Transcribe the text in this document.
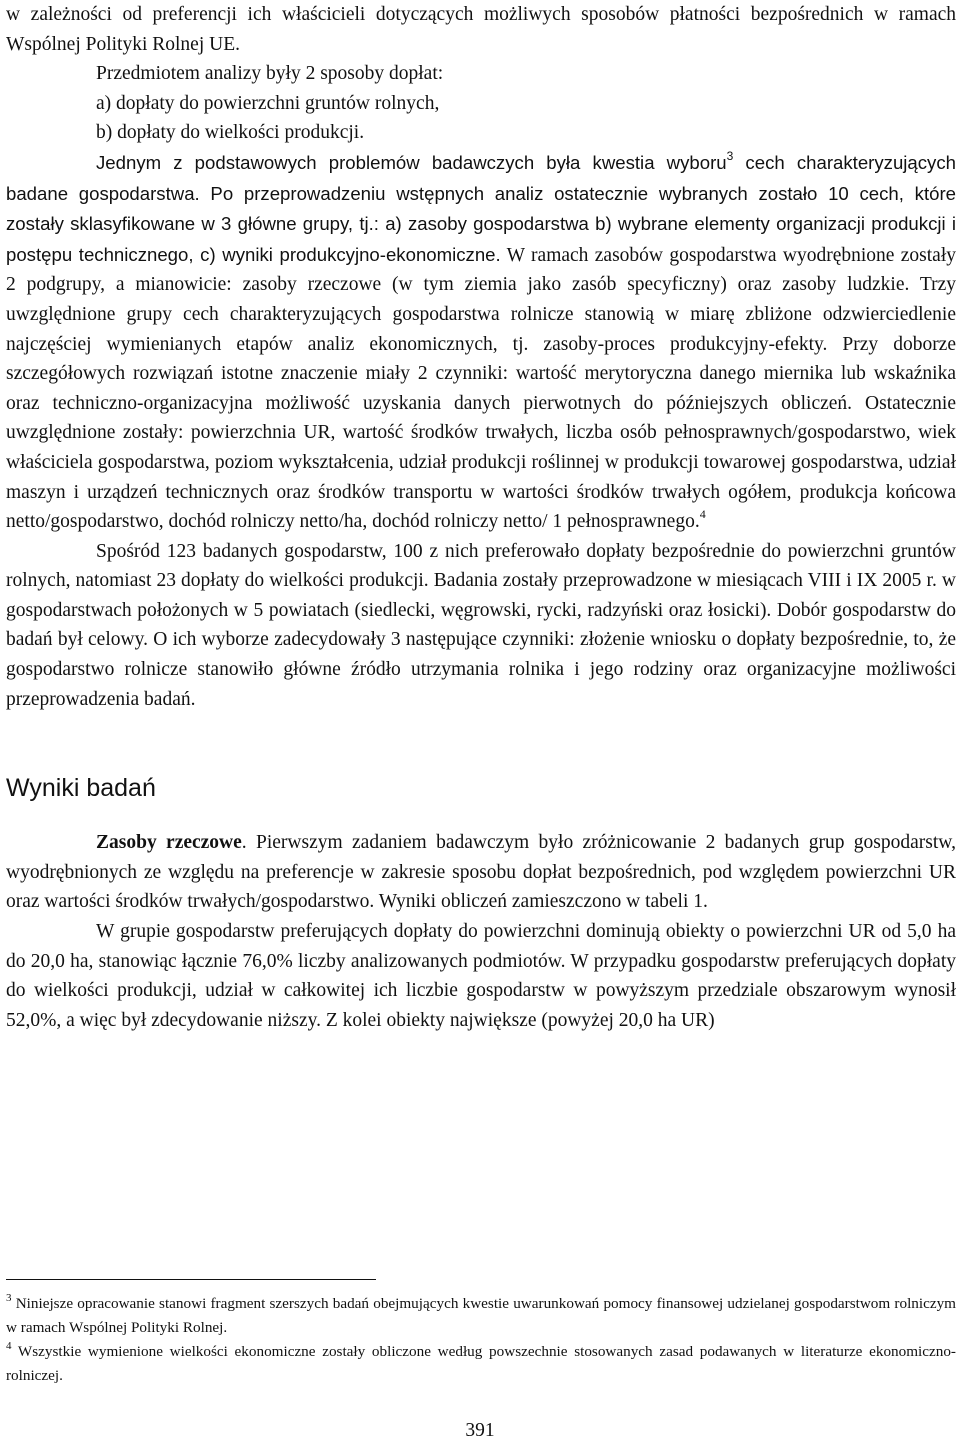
w zależności od preferencji ich właścicieli dotyczących możliwych sposobów płatności bezpośrednich w ramach Wspólnej Polityki Rolnej UE.

Przedmiotem analizy były 2 sposoby dopłat:

a) dopłaty do powierzchni gruntów rolnych,

b) dopłaty do wielkości produkcji.

Jednym z podstawowych problemów badawczych była kwestia wyboru$^3$ cech charakteryzujących badane gospodarstwa. Po przeprowadzeniu wstępnych analiz ostatecznie wybranych zostało 10 cech, które zostały sklasyfikowane w 3 główne grupy, tj.: a) zasoby gospodarstwa b) wybrane elementy organizacji produkcji i postępu technicznego, c) wyniki produkcyjno-ekonomiczne. W ramach zasobów gospodarstwa wyodrębnione zostały 2 podgrupy, a mianowicie: zasoby rzeczowe (w tym ziemia jako zasób specyficzny) oraz zasoby ludzkie. Trzy uwzględnione grupy cech charakteryzujących gospodarstwa rolnicze stanowią w miarę zbliżone odzwierciedlenie najczęściej wymienianych etapów analiz ekonomicznych, tj. zasoby-proces produkcyjny-efekty. Przy doborze szczegółowych rozwiązań istotne znaczenie miały 2 czynniki: wartość merytoryczna danego miernika lub wskaźnika oraz techniczno-organizacyjna możliwość uzyskania danych pierwotnych do późniejszych obliczeń. Ostatecznie uwzględnione zostały: powierzchnia UR, wartość środków trwałych, liczba osób pełnosprawnych/gospodarstwo, wiek właściciela gospodarstwa, poziom wykształcenia, udział produkcji roślinnej w produkcji towarowej gospodarstwa, udział maszyn i urządzeń technicznych oraz środków transportu w wartości środków trwałych ogółem, produkcja końcowa netto/gospodarstwo, dochód rolniczy netto/ha, dochód rolniczy netto/ 1 pełnosprawnego.$^4$

Spośród 123 badanych gospodarstw, 100 z nich preferowało dopłaty bezpośrednie do powierzchni gruntów rolnych, natomiast 23 dopłaty do wielkości produkcji. Badania zostały przeprowadzone w miesiącach VIII i IX 2005 r. w gospodarstwach położonych w 5 powiatach (siedlecki, węgrowski, rycki, radzyński oraz łosicki). Dobór gospodarstw do badań był celowy. O ich wyborze zadecydowały 3 następujące czynniki: złożenie wniosku o dopłaty bezpośrednie, to, że gospodarstwo rolnicze stanowiło główne źródło utrzymania rolnika i jego rodziny oraz organizacyjne możliwości przeprowadzenia badań.

Wyniki badań

Zasoby rzeczowe. Pierwszym zadaniem badawczym było zróżnicowanie 2 badanych grup gospodarstw, wyodrębnionych ze względu na preferencje w zakresie sposobu dopłat bezpośrednich, pod względem powierzchni UR oraz wartości środków trwałych/gospodarstwo. Wyniki obliczeń zamieszczono w tabeli 1.

W grupie gospodarstw preferujących dopłaty do powierzchni dominują obiekty o powierzchni UR od 5,0 ha do 20,0 ha, stanowiąc łącznie 76,0% liczby analizowanych podmiotów. W przypadku gospodarstw preferujących dopłaty do wielkości produkcji, udział w całkowitej ich liczbie gospodarstw w powyższym przedziale obszarowym wynosił 52,0%, a więc był zdecydowanie niższy. Z kolei obiekty największe (powyżej 20,0 ha UR)

$^3$ Niniejsze opracowanie stanowi fragment szerszych badań obejmujących kwestie uwarunkowań pomocy finansowej udzielanej gospodarstwom rolniczym w ramach Wspólnej Polityki Rolnej.

$^4$ Wszystkie wymienione wielkości ekonomiczne zostały obliczone według powszechnie stosowanych zasad podawanych w literaturze ekonomiczno-rolniczej.

391
